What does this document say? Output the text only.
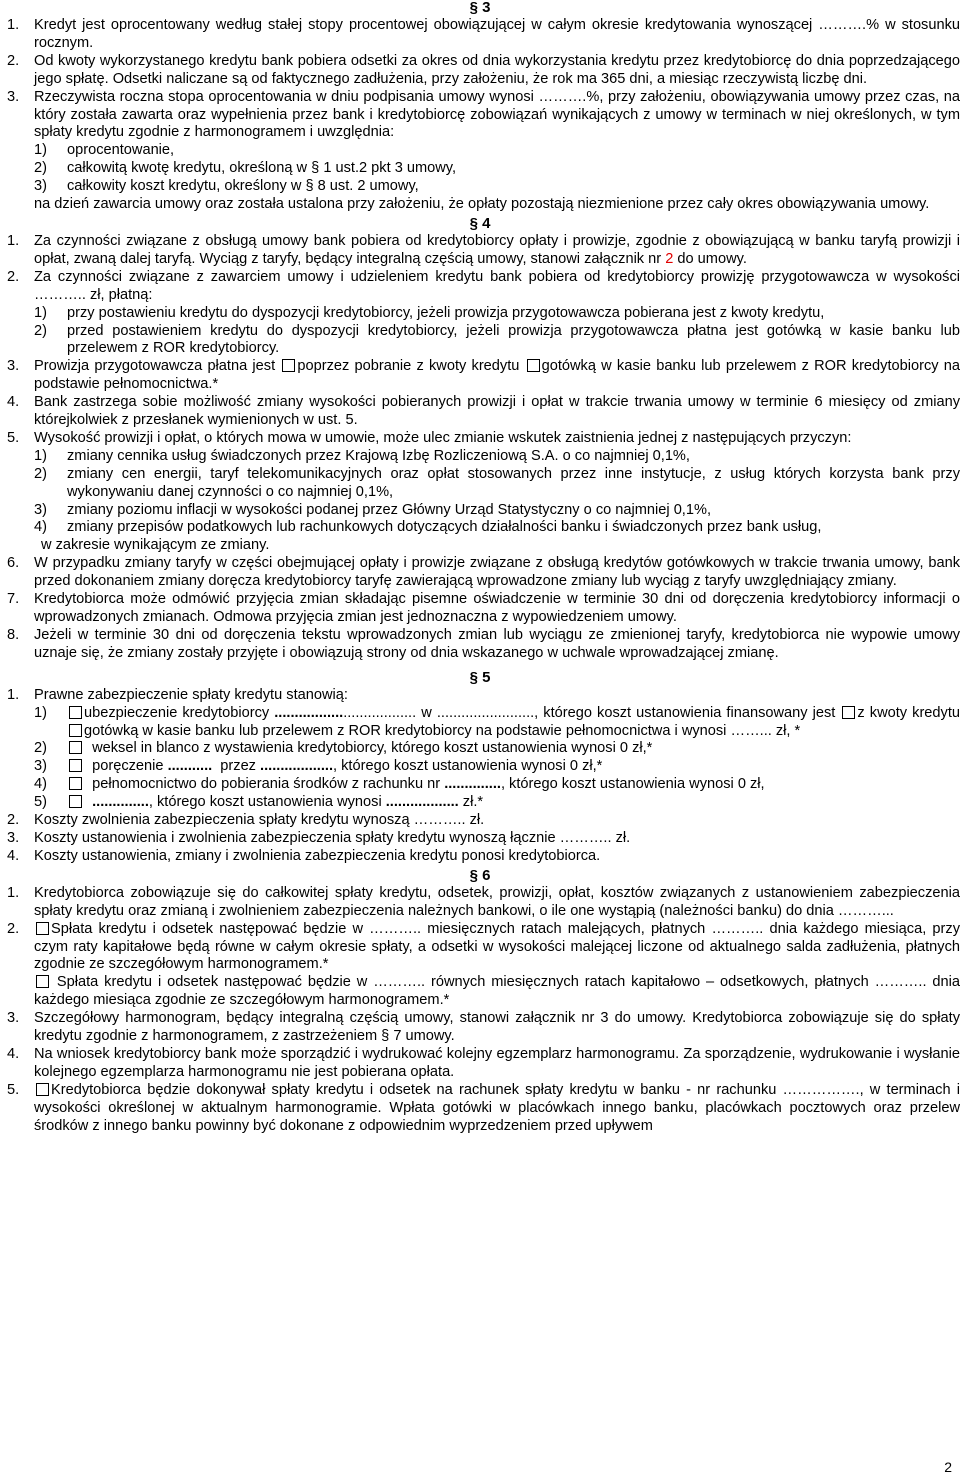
§ 3
1. Kredyt jest oprocentowany według stałej stopy procentowej obowiązującej w całym okresie kredytowania wynoszącej ……….% w stosunku rocznym.
2. Od kwoty wykorzystanego kredytu bank pobiera odsetki za okres od dnia wykorzystania kredytu przez kredytobiorcę do dnia poprzedzającego jego spłatę. Odsetki naliczane są od faktycznego zadłużenia, przy założeniu, że rok ma 365 dni, a miesiąc rzeczywistą liczbę dni.
3. Rzeczywista roczna stopa oprocentowania w dniu podpisania umowy wynosi ……….%, przy założeniu, obowiązywania umowy przez czas, na który została zawarta oraz wypełnienia przez bank i kredytobiorcę zobowiązań wynikających z umowy w terminach w niej określonych, w tym spłaty kredytu zgodnie z harmonogramem i uwzględnia:

1) oprocentowanie,
2) całkowitą kwotę kredytu, określoną w § 1 ust.2 pkt 3 umowy,
3) całkowity koszt kredytu, określony w § 8 ust. 2 umowy,
na dzień zawarcia umowy oraz została ustalona przy założeniu, że opłaty pozostają niezmienione przez cały okres obowiązywania umowy.
§ 4
1. Za czynności związane z obsługą umowy bank pobiera od kredytobiorcy opłaty i prowizje, zgodnie z obowiązującą w banku taryfą prowizji i opłat, zwaną dalej taryfą. Wyciąg z taryfy, będący integralną częścią umowy, stanowi załącznik nr 2 do umowy.
2. Za czynności związane z zawarciem umowy i udzieleniem kredytu bank pobiera od kredytobiorcy prowizję przygotowawcza w wysokości ……….. zł, płatną:
1) przy postawieniu kredytu do dyspozycji kredytobiorcy, jeżeli prowizja przygotowawcza pobierana jest z kwoty kredytu,
2) przed postawieniem kredytu do dyspozycji kredytobiorcy, jeżeli prowizja przygotowawcza płatna jest gotówką w kasie banku lub przelewem z ROR kredytobiorcy.
3. Prowizja przygotowawcza płatna jest poprzez pobranie z kwoty kredytu gotówką w kasie banku lub przelewem z ROR kredytobiorcy na podstawie pełnomocnictwa.*
4. Bank zastrzega sobie możliwość zmiany wysokości pobieranych prowizji i opłat w trakcie trwania umowy w terminie 6 miesięcy od zmiany którejkolwiek z przesłanek wymienionych w ust. 5.
5. Wysokość prowizji i opłat, o których mowa w umowie, może ulec zmianie wskutek zaistnienia jednej z następujących przyczyn:
1) zmiany cennika usług świadczonych przez Krajową Izbę Rozliczeniową S.A. o co najmniej 0,1%,
2) zmiany cen energii, taryf telekomunikacyjnych oraz opłat stosowanych przez inne instytucje, z usług których korzysta bank przy wykonywaniu danej czynności o co najmniej 0,1%,
3) zmiany poziomu inflacji w wysokości podanej przez Główny Urząd Statystyczny o co najmniej 0,1%,
4) zmiany przepisów podatkowych lub rachunkowych dotyczących działalności banku i świadczonych przez bank usług,
w zakresie wynikającym ze zmiany.
6. W przypadku zmiany taryfy w części obejmującej opłaty i prowizje związane z obsługą kredytów gotówkowych w trakcie trwania umowy, bank przed dokonaniem zmiany doręcza kredytobiorcy taryfę zawierającą wprowadzone zmiany lub wyciąg z taryfy uwzględniający zmiany.
7. Kredytobiorca może odmówić przyjęcia zmian składając pisemne oświadczenie w terminie 30 dni od doręczenia kredytobiorcy informacji o wprowadzonych zmianach. Odmowa przyjęcia zmian jest jednoznaczna z wypowiedzeniem umowy.
8. Jeżeli w terminie 30 dni od doręczenia tekstu wprowadzonych zmian lub wyciągu ze zmienionej taryfy, kredytobiorca nie wypowie umowy uznaje się, że zmiany zostały przyjęte i obowiązują strony od dnia wskazanego w uchwale wprowadzającej zmianę.
§ 5
1. Prawne zabezpieczenie spłaty kredytu stanowią:
1)	ubezpieczenie kredytobiorcy ................................... w ........................, którego koszt ustanowienia finansowany jest z kwoty kredytu gotówką w kasie banku lub przelewem z ROR kredytobiorcy na podstawie pełnomocnictwa i wynosi ……... zł, *
2)	weksel in blanco z wystawienia kredytobiorcy, którego koszt ustanowienia wynosi 0 zł,*
3)	poręczenie ........... przez .................., którego koszt ustanowienia wynosi 0 zł,*
4)	pełnomocnictwo do pobierania środków z rachunku nr .............., którego koszt ustanowienia wynosi 0 zł,
5)	.............., którego koszt ustanowienia wynosi .................. zł.*
2. Koszty zwolnienia zabezpieczenia spłaty kredytu wynoszą ……….. zł.
3. Koszty ustanowienia i zwolnienia zabezpieczenia spłaty kredytu wynoszą łącznie ……….. zł.
4. Koszty ustanowienia, zmiany i zwolnienia zabezpieczenia kredytu ponosi kredytobiorca.
§ 6
1. Kredytobiorca zobowiązuje się do całkowitej spłaty kredytu, odsetek, prowizji, opłat, kosztów związanych z ustanowieniem zabezpieczenia spłaty kredytu oraz zmianą i zwolnieniem zabezpieczenia należnych bankowi, o ile one wystąpią (należności banku) do dnia ………...
2. Spłata kredytu i odsetek następować będzie w ……….. miesięcznych ratach malejących, płatnych ……….. dnia każdego miesiąca, przy czym raty kapitałowe będą równe w całym okresie spłaty, a odsetki w wysokości malejącej liczone od aktualnego salda zadłużenia, płatnych zgodnie ze szczegółowym harmonogramem.*
Spłata kredytu i odsetek następować będzie w ……….. równych miesięcznych ratach kapitałowo – odsetkowych, płatnych ……….. dnia każdego miesiąca zgodnie ze szczegółowym harmonogramem.*
3. Szczegółowy harmonogram, będący integralną częścią umowy, stanowi załącznik nr 3 do umowy. Kredytobiorca zobowiązuje się do spłaty kredytu zgodnie z harmonogramem, z zastrzeżeniem § 7 umowy.
4. Na wniosek kredytobiorcy bank może sporządzić i wydrukować kolejny egzemplarz harmonogramu. Za sporządzenie, wydrukowanie i wysłanie kolejnego egzemplarza harmonogramu nie jest pobierana opłata.
5. Kredytobiorca będzie dokonywał spłaty kredytu i odsetek na rachunek spłaty kredytu w banku - nr rachunku ……………., w terminach i wysokości określonej w aktualnym harmonogramie. Wpłata gotówki w placówkach innego banku, placówkach pocztowych oraz przelew środków z innego banku powinny być dokonane z odpowiednim wyprzedzeniem przed upływem
2
